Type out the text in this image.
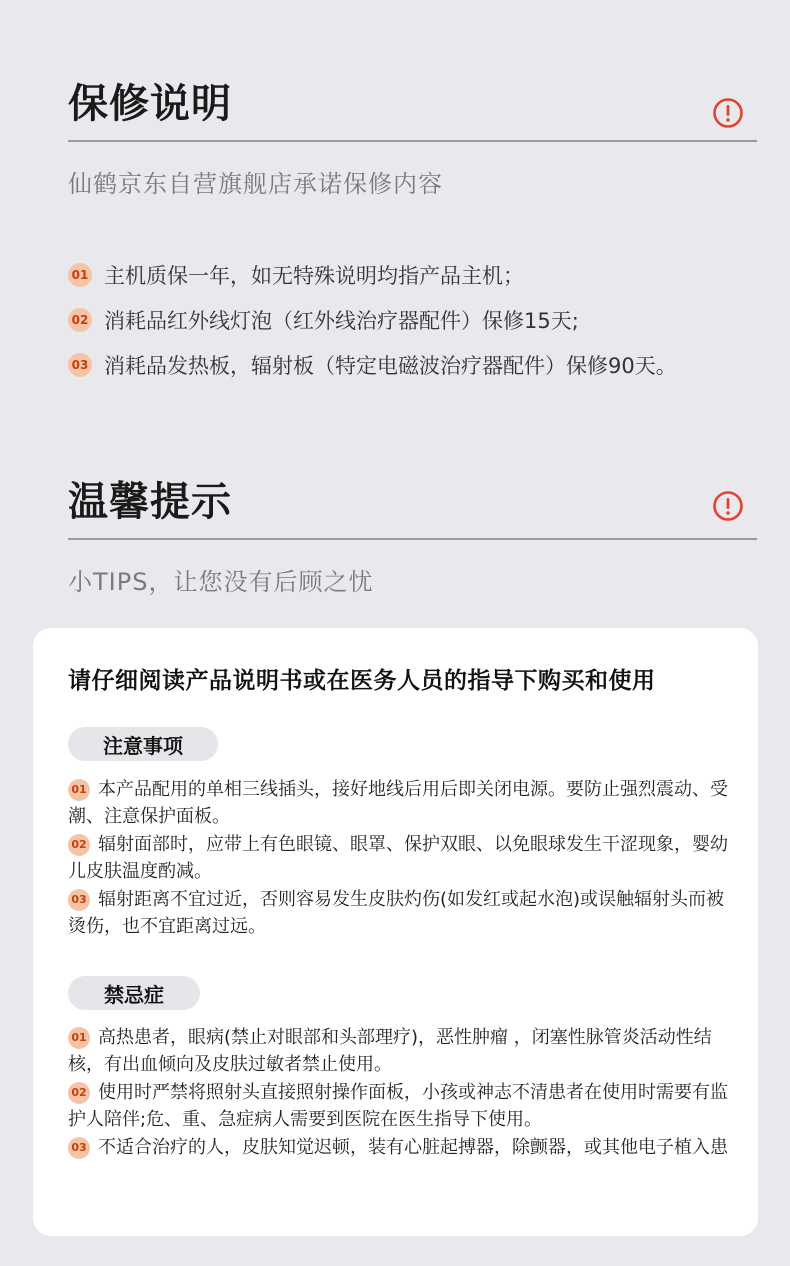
保修说明
仙鹤京东自营旗舰店承诺保修内容
01 主机质保一年，如无特殊说明均指产品主机；
02 消耗品红外线灯泡（红外线治疗器配件）保修15天;
03 消耗品发热板，辐射板（特定电磁波治疗器配件）保修90天。
温馨提示
小TIPS，让您没有后顾之忧
请仔细阅读产品说明书或在医务人员的指导下购买和使用
注意事项
01 本产品配用的单相三线插头，接好地线后用后即关闭电源。要防止强烈震动、受潮、注意保护面板。
02 辐射面部时，应带上有色眼镜、眼罩、保护双眼、以免眼球发生干涩现象，婴幼儿皮肤温度酌减。
03 辐射距离不宜过近，否则容易发生皮肤灼伤(如发红或起水泡)或误触辐射头而被烫伤，也不宜距离过远。
禁忌症
01 高热患者，眼病(禁止对眼部和头部理疗)，恶性肿瘤 ，闭塞性脉管炎活动性结核，有出血倾向及皮肤过敏者禁止使用。
02 使用时严禁将照射头直接照射操作面板，小孩或神志不清患者在使用时需要有监护人陪伴;危、重、急症病人需要到医院在医生指导下使用。
03 不适合治疗的人，皮肤知觉迟顿，装有心脏起搏器，除颤器，或其他电子植入患
